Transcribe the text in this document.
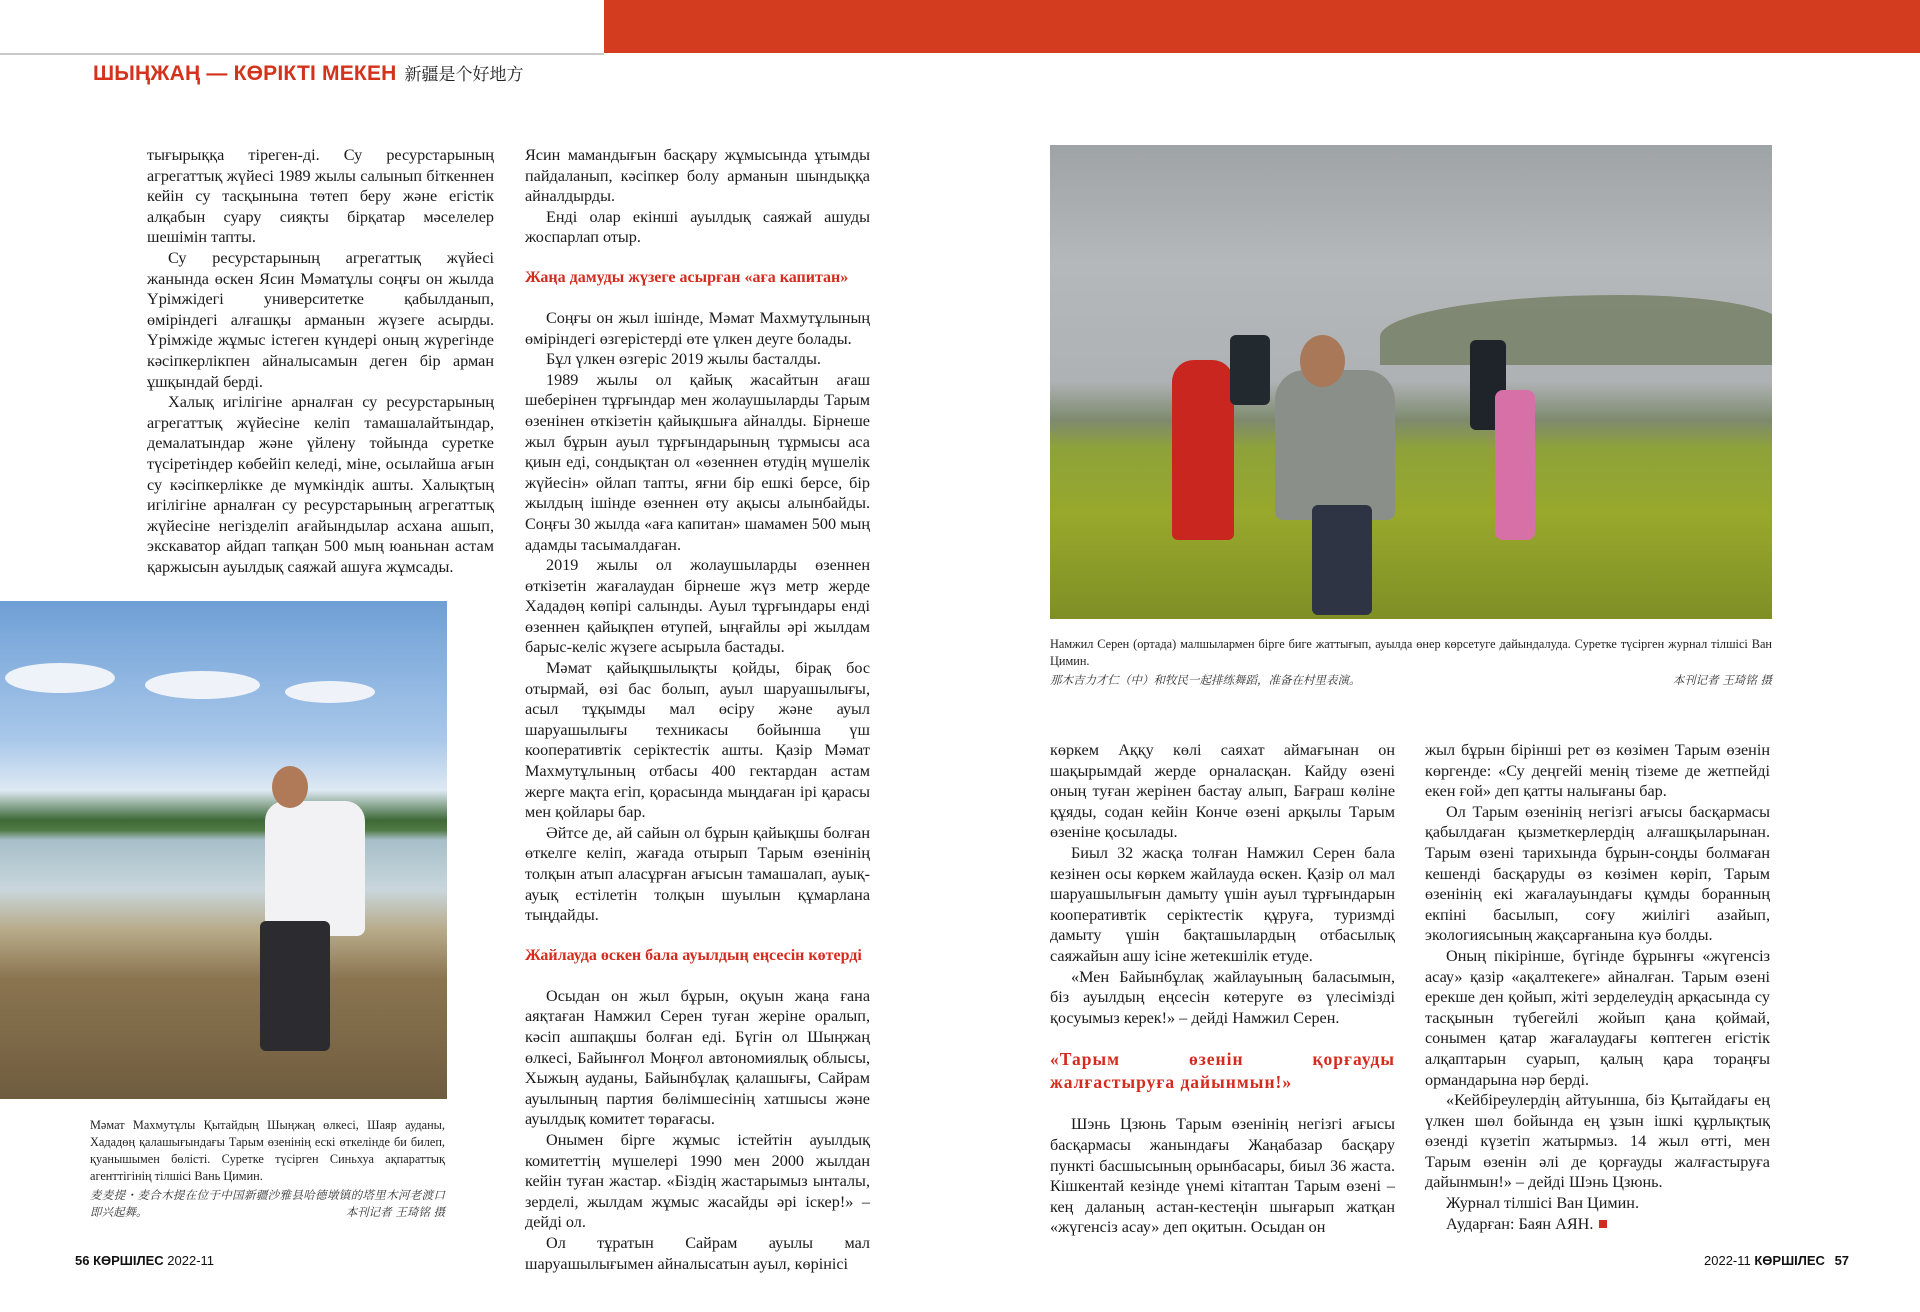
ШЫҢЖАҢ — КӨРІКТІ МЕКЕН 新疆是个好地方

тығырыққа тіреген-ді. Су ресурстарының агрегаттық жүйесі 1989 жылы салынып біткеннен кейін су тасқынына төтеп беру және егістік алқабын суару сияқты бірқатар мәселелер шешімін тапты.

Су ресурстарының агрегаттық жүйесі жанында өскен Ясин Мәматұлы соңғы он жылда Үрімжідегі университетке қабылданып, өміріндегі алғашқы арманын жүзеге асырды. Үрімжіде жұмыс істеген күндері оның жүрегінде кәсіпкерлікпен айналысамын деген бір арман ұшқындай берді.

Халық игілігіне арналған су ресурстарының агрегаттық жүйесіне келіп тамашалайтындар, демалатындар және үйлену тойында суретке түсіретіндер көбейіп келеді, міне, осылайша ағын су кәсіпкерлікке де мүмкіндік ашты. Халықтың игілігіне арналған су ресурстарының агрегаттық жүйесіне негізделіп ағайындылар асхана ашып, экскаватор айдап тапқан 500 мың юаньнан астам қаржысын ауылдық саяжай ашуға жұмсады.

Мәмат Махмутұлы Қытайдың Шыңжаң өлкесі, Шаяр ауданы, Хададөң қалашығындағы Тарым өзенінің ескі өткелінде би билеп, қуанышымен бөлісті. Суретке түсірген Синьхуа ақпараттық агенттігінің тілшісі Вань Цимин.
麦麦提・麦合木提在位于中国新疆沙雅县哈德墩镇的塔里木河老渡口即兴起舞。	本刊记者 王琦铭 摄

Ясин мамандығын басқару жұмысында ұтымды пайдаланып, кәсіпкер болу арманын шындыққа айналдырды.

Енді олар екінші ауылдық саяжай ашуды жоспарлап отыр.

Жаңа дамуды жүзеге асырған «аға капитан»

Соңғы он жыл ішінде, Мәмат Махмутұлының өміріндегі өзгерістерді өте үлкен деуге болады.

Бұл үлкен өзгеріс 2019 жылы басталды.

1989 жылы ол қайық жасайтын ағаш шеберінен тұрғындар мен жолаушыларды Тарым өзенінен өткізетін қайықшыға айналды. Бірнеше жыл бұрын ауыл тұрғындарының тұрмысы аса қиын еді, сондықтан ол «өзеннен өтудің мүшелік жүйесін» ойлап тапты, яғни бір ешкі берсе, бір жылдың ішінде өзеннен өту ақысы алынбайды. Соңғы 30 жылда «аға капитан» шамамен 500 мың адамды тасымалдаған.

2019 жылы ол жолаушыларды өзеннен өткізетін жағалаудан бірнеше жүз метр жерде Хададөң көпірі салынды. Ауыл тұрғындары енді өзеннен қайықпен өтупей, ыңғайлы әрі жылдам барыс-келіс жүзеге асырыла бастады.

Мәмат қайықшылықты қойды, бірақ бос отырмай, өзі бас болып, ауыл шаруашылығы, асыл тұқымды мал өсіру және ауыл шаруашылығы техникасы бойынша үш кооперативтік серіктестік ашты. Қазір Мәмат Махмутұлының отбасы 400 гектардан астам жерге мақта егіп, қорасында мыңдаған ірі қарасы мен қойлары бар.

Әйтсе де, ай сайын ол бұрын қайықшы болған өткелге келіп, жағада отырып Тарым өзенінің толқын атып аласұрған ағысын тамашалап, ауық-ауық естілетін толқын шуылын құмарлана тыңдайды.

Жайлауда өскен бала ауылдың еңсесін көтерді

Осыдан он жыл бұрын, оқуын жаңа ғана аяқтаған Намжил Серен туған жеріне оралып, кәсіп ашпақшы болған еді. Бүгін ол Шыңжаң өлкесі, Байынғол Моңғол автономиялық облысы, Хыжың ауданы, Байынбұлақ қалашығы, Сайрам ауылының партия бөлімшесінің хатшысы және ауылдық комитет төрағасы.

Онымен бірге жұмыс істейтін ауылдық комитеттің мүшелері 1990 мен 2000 жылдан кейін туған жастар. «Біздің жастарымыз ынталы, зерделі, жылдам жұмыс жасайды әрі іскер!» – дейді ол.

Ол тұратын Сайрам ауылы мал шаруашылығымен айналысатын ауыл, көрінісі

Намжил Серен (ортада) малшылармен бірге биге жаттығып, ауылда өнер көрсетуге дайындалуда. Суретке түсірген журнал тілшісі Ван Цимин.
那木吉力才仁（中）和牧民一起排练舞蹈，准备在村里表演。	本刊记者 王琦铭 摄

көркем Аққу көлі саяхат аймағынан он шақырымдай жерде орналасқан. Кайду өзені оның туған жерінен бастау алып, Бағраш көліне құяды, содан кейін Конче өзені арқылы Тарым өзеніне қосылады.

Биыл 32 жасқа толған Намжил Серен бала кезінен осы көркем жайлауда өскен. Қазір ол мал шаруашылығын дамыту үшін ауыл тұрғындарын кооперативтік серіктестік құруға, туризмді дамыту үшін бақташылардың отбасылық саяжайын ашу ісіне жетекшілік етуде.

«Мен Байынбұлақ жайлауының баласымын, біз ауылдың еңсесін көтеруге өз үлесімізді қосуымыз керек!» – дейді Намжил Серен.

«Тарым өзенін қорғауды жалғастыруға дайынмын!»

Шэнь Цзюнь Тарым өзенінің негізгі ағысы басқармасы жанындағы Жаңабазар басқару пункті басшысының орынбасары, биыл 36 жаста. Кішкентай кезінде үнемі кітаптан Тарым өзені – кең даланың астан-кестеңін шығарып жатқан «жүгенсіз асау» деп оқитын. Осыдан он

жыл бұрын бірінші рет өз көзімен Тарым өзенін көргенде: «Су деңгейі менің тіземе де жетпейді екен ғой» деп қатты налығаны бар.

Ол Тарым өзенінің негізгі ағысы басқармасы қабылдаған қызметкерлердің алғашқыларынан. Тарым өзені тарихында бұрын-соңды болмаған кешенді басқаруды өз көзімен көріп, Тарым өзенінің екі жағалауындағы құмды боранның екпіні басылып, соғу жиілігі азайып, экологиясының жақсарғанына куә болды.

Оның пікірінше, бүгінде бұрынғы «жүгенсіз асау» қазір «ақалтекеге» айналған. Тарым өзені ерекше ден қойып, жіті зерделеудің арқасында су тасқынын түбегейлі жойып қана қоймай, сонымен қатар жағалаудағы көптеген егістік алқаптарын суарып, қалың қара тораңғы ормандарына нәр берді.

«Кейбіреулердің айтуынша, біз Қытайдағы ең үлкен шөл бойында ең ұзын ішкі құрлықтық өзенді күзетіп жатырмыз. 14 жыл өтті, мен Тарым өзенін әлі де қорғауды жалғастыруға дайынмын!» – дейді Шэнь Цзюнь.

Журнал тілшісі Ван Цимин.

Аударған: Баян АЯН.

56 КӨРШІЛЕС 2022-11	2022-11 КӨРШІЛЕС 57
